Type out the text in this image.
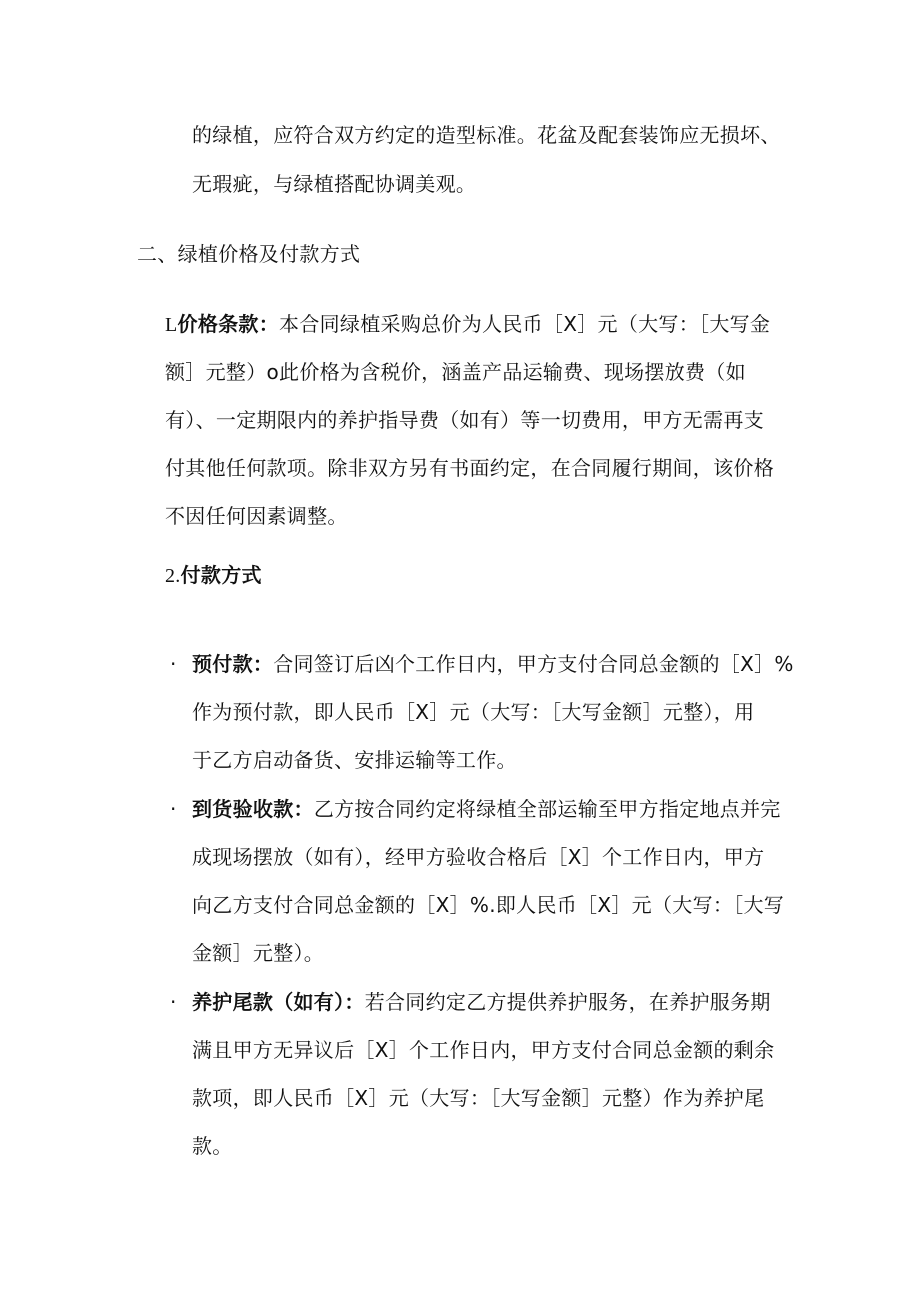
的绿植，应符合双方约定的造型标准。花盆及配套装饰应无损坏、
无瑕疵，与绿植搭配协调美观。
二、绿植价格及付款方式
L价格条款：本合同绿植采购总价为人民币［X］元（大写：［大写金
额］元整）o此价格为含税价，涵盖产品运输费、现场摆放费（如
有）、一定期限内的养护指导费（如有）等一切费用，甲方无需再支
付其他任何款项。除非双方另有书面约定，在合同履行期间，该价格
不因任何因素调整。
2.付款方式
· 预付款：合同签订后凶个工作日内，甲方支付合同总金额的［X］%
作为预付款，即人民币［X］元（大写：［大写金额］元整），用
于乙方启动备货、安排运输等工作。
· 到货验收款：乙方按合同约定将绿植全部运输至甲方指定地点并完
成现场摆放（如有），经甲方验收合格后［X］个工作日内，甲方
向乙方支付合同总金额的［X］%.即人民币［X］元（大写：［大写
金额］元整）。
· 养护尾款（如有）：若合同约定乙方提供养护服务，在养护服务期
满且甲方无异议后［X］个工作日内，甲方支付合同总金额的剩余
款项，即人民币［X］元（大写：［大写金额］元整）作为养护尾
款。
